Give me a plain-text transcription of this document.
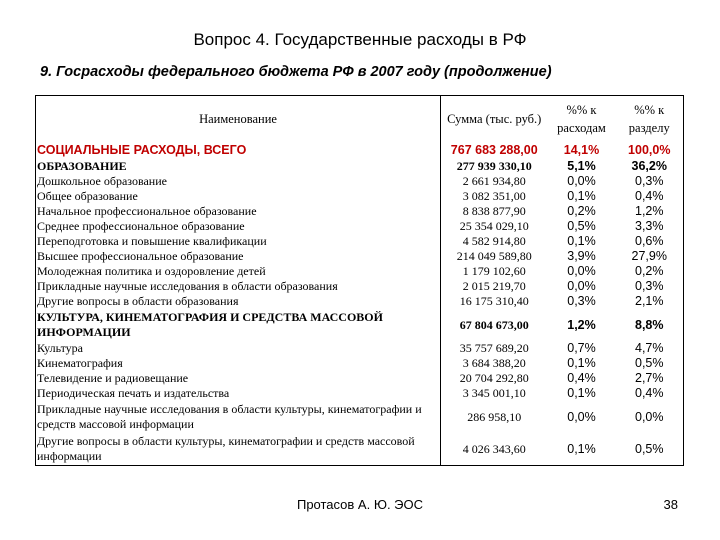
Вопрос 4. Государственные расходы в РФ
9. Госрасходы федерального бюджета РФ в 2007 году (продолжение)
Наименование	Сумма (тыс. руб.)	%% к расходам	%% к разделу
СОЦИАЛЬНЫЕ РАСХОДЫ, ВСЕГО	767 683 288,00	14,1%	100,0%
ОБРАЗОВАНИЕ	277 939 330,10	5,1%	36,2%
Дошкольное образование	2 661 934,80	0,0%	0,3%
Общее образование	3 082 351,00	0,1%	0,4%
Начальное профессиональное образование	8 838 877,90	0,2%	1,2%
Среднее профессиональное образование	25 354 029,10	0,5%	3,3%
Переподготовка и повышение квалификации	4 582 914,80	0,1%	0,6%
Высшее профессиональное образование	214 049 589,80	3,9%	27,9%
Молодежная политика и оздоровление детей	1 179 102,60	0,0%	0,2%
Прикладные научные исследования в области образования	2 015 219,70	0,0%	0,3%
Другие вопросы в области образования	16 175 310,40	0,3%	2,1%
КУЛЬТУРА, КИНЕМАТОГРАФИЯ И СРЕДСТВА МАССОВОЙ ИНФОРМАЦИИ	67 804 673,00	1,2%	8,8%
Культура	35 757 689,20	0,7%	4,7%
Кинематография	3 684 388,20	0,1%	0,5%
Телевидение и радиовещание	20 704 292,80	0,4%	2,7%
Периодическая печать и издательства	3 345 001,10	0,1%	0,4%
Прикладные научные исследования в области культуры, кинематографии и средств массовой информации	286 958,10	0,0%	0,0%
Другие вопросы в области культуры, кинематографии и средств массовой информации	4 026 343,60	0,1%	0,5%
Протасов А. Ю. ЭОС	38
